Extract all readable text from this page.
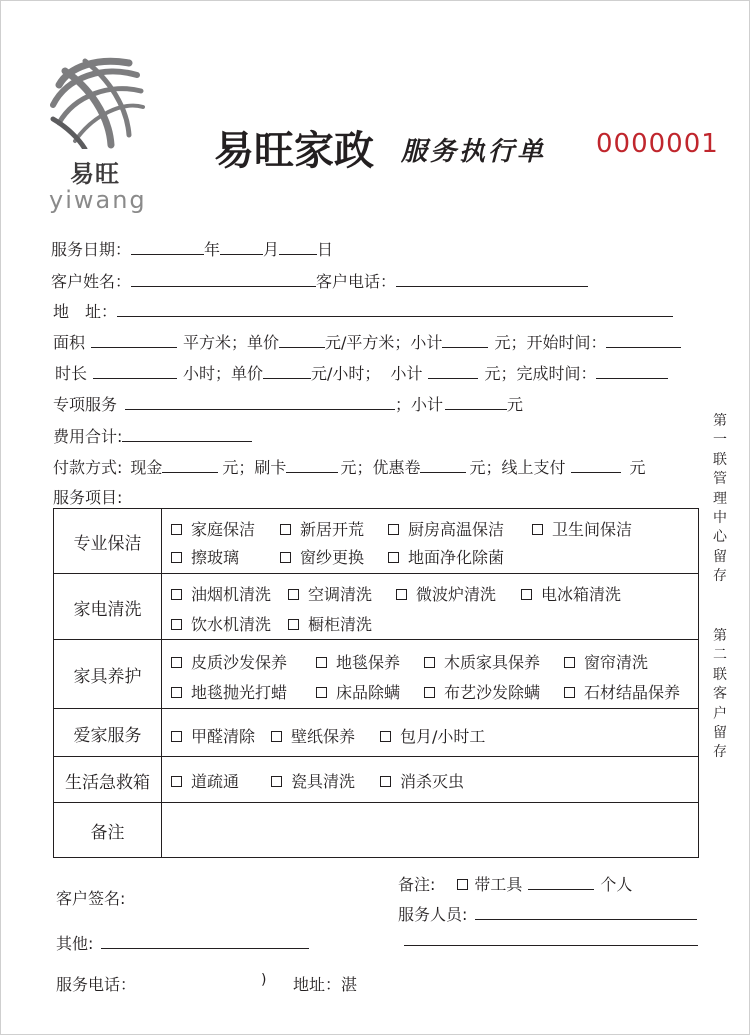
易旺
yiwang
易旺家政 服务执行单 0000001
服务日期：	年	月 日
客户姓名：	客户电话：
地　址：
面积	平方米；单价	元/平方米；小计	元；开始时间：
时长	小时；单价	元/小时； 小计	元；完成时间：
专项服务	；小计	元
费用合计:
付款方式: 现金	元；刷卡	元；优惠卷	元；线上支付	元
服务项目:
专业保洁
家庭保洁	新居开荒	厨房高温保洁	卫生间保洁
擦玻璃	窗纱更换	地面净化除菌
家电清洗
油烟机清洗	空调清洗	微波炉清洗	电冰箱清洗
饮水机清洗	橱柜清洗
家具养护
皮质沙发保养	地毯保养	木质家具保养	窗帘清洗
地毯抛光打蜡	床品除螨	布艺沙发除螨	石材结晶保养
爱家服务	甲醛清除	壁纸保养	包月/小时工
生活急救箱	道疏通	瓷具清洗	消杀灭虫
备注
第一联管理中心留存
第二联客户留存
客户签名:
备注: 带工具	个人
服务人员:
其他:
服务电话：	) 地址：湛
